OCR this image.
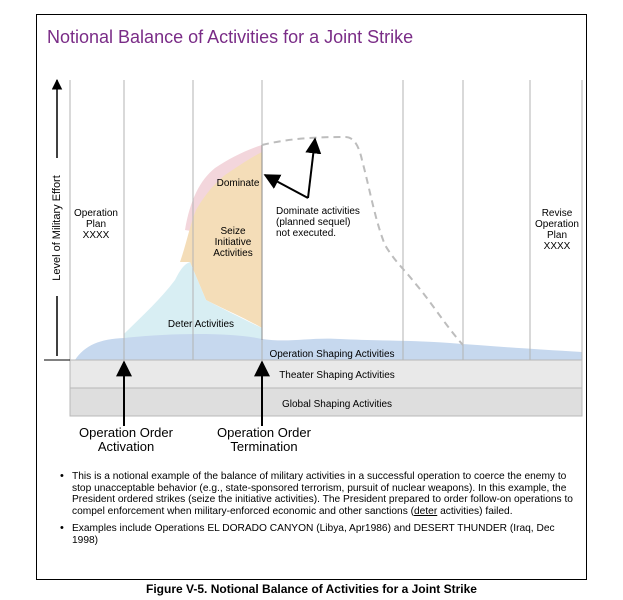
Notional Balance of Activities for a Joint Strike
Level of Military Effort	Dominate
Seize
Initiative
Activities
Deter Activities
Operation
Plan
XXXX
Revise
Operation
Plan
XXXX
Dominate activities
(planned sequel)
not executed.
Operation Shaping Activities
Theater Shaping Activities
Global Shaping Activities
Operation Order
Activation
Operation Order
Termination
• This is a notional example of the balance of military activities in a successful operation to coerce the enemy to stop unacceptable behavior (e.g., state-sponsored terrorism, pursuit of nuclear weapons). In this example, the President ordered strikes (seize the initiative activities). The President prepared to order follow-on operations to compel enforcement when military-enforced economic and other sanctions (deter activities) failed.
• Examples include Operations EL DORADO CANYON (Libya, Apr1986) and DESERT THUNDER (Iraq, Dec 1998)
Figure V-5. Notional Balance of Activities for a Joint Strike
